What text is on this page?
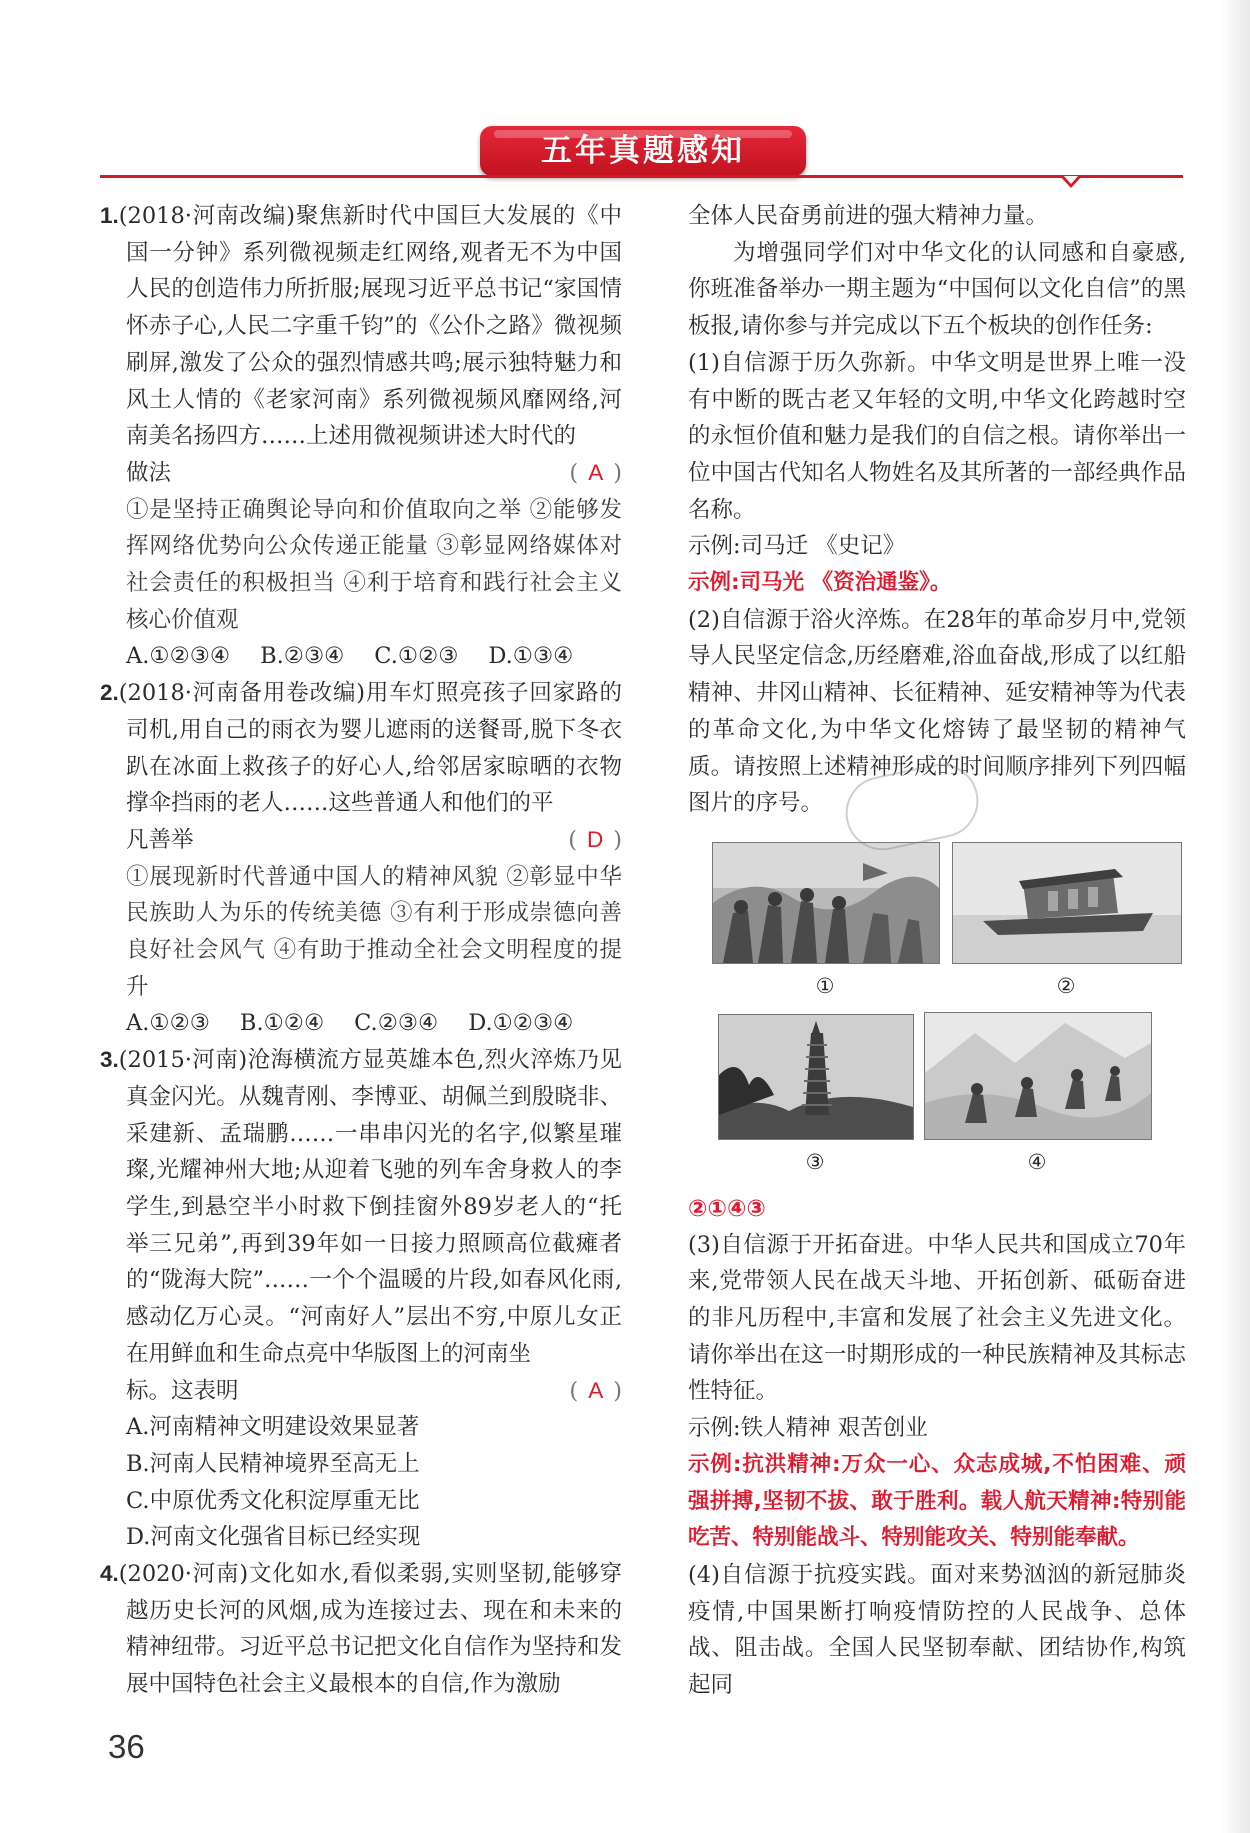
五年真题感知

1.(2018·河南改编)聚焦新时代中国巨大发展的《中国一分钟》系列微视频走红网络,观者无不为中国人民的创造伟力所折服;展现习近平总书记“家国情怀赤子心,人民二字重千钧”的《公仆之路》微视频刷屏,激发了公众的强烈情感共鸣;展示独特魅力和风土人情的《老家河南》系列微视频风靡网络,河南美名扬四方……上述用微视频讲述大时代的

做法	( A )

①是坚持正确舆论导向和价值取向之举 ②能够发挥网络优势向公众传递正能量 ③彰显网络媒体对社会责任的积极担当 ④利于培育和践行社会主义核心价值观

A.①②③④ B.②③④ C.①②③ D.①③④

2.(2018·河南备用卷改编)用车灯照亮孩子回家路的司机,用自己的雨衣为婴儿遮雨的送餐哥,脱下冬衣趴在冰面上救孩子的好心人,给邻居家晾晒的衣物撑伞挡雨的老人……这些普通人和他们的平

凡善举	( D )

①展现新时代普通中国人的精神风貌 ②彰显中华民族助人为乐的传统美德 ③有利于形成崇德向善良好社会风气 ④有助于推动全社会文明程度的提升

A.①②③ B.①②④ C.②③④ D.①②③④

3.(2015·河南)沧海横流方显英雄本色,烈火淬炼乃见真金闪光。从魏青刚、李博亚、胡佩兰到殷晓非、采建新、孟瑞鹏……一串串闪光的名字,似繁星璀璨,光耀神州大地;从迎着飞驰的列车舍身救人的李学生,到悬空半小时救下倒挂窗外89岁老人的“托举三兄弟”,再到39年如一日接力照顾高位截瘫者的“陇海大院”……一个个温暖的片段,如春风化雨,感动亿万心灵。“河南好人”层出不穷,中原儿女正在用鲜血和生命点亮中华版图上的河南坐

标。这表明	( A )

A.河南精神文明建设效果显著

B.河南人民精神境界至高无上

C.中原优秀文化积淀厚重无比

D.河南文化强省目标已经实现

4.(2020·河南)文化如水,看似柔弱,实则坚韧,能够穿越历史长河的风烟,成为连接过去、现在和未来的精神纽带。习近平总书记把文化自信作为坚持和发展中国特色社会主义最根本的自信,作为激励

全体人民奋勇前进的强大精神力量。

为增强同学们对中华文化的认同感和自豪感,你班准备举办一期主题为“中国何以文化自信”的黑板报,请你参与并完成以下五个板块的创作任务:

(1)自信源于历久弥新。中华文明是世界上唯一没有中断的既古老又年轻的文明,中华文化跨越时空的永恒价值和魅力是我们的自信之根。请你举出一位中国古代知名人物姓名及其所著的一部经典作品名称。

示例:司马迁 《史记》

示例:司马光 《资治通鉴》。

(2)自信源于浴火淬炼。在28年的革命岁月中,党领导人民坚定信念,历经磨难,浴血奋战,形成了以红船精神、井冈山精神、长征精神、延安精神等为代表的革命文化,为中华文化熔铸了最坚韧的精神气质。请按照上述精神形成的时间顺序排列下列四幅图片的序号。

①	②
③	④

②①④③

(3)自信源于开拓奋进。中华人民共和国成立70年来,党带领人民在战天斗地、开拓创新、砥砺奋进的非凡历程中,丰富和发展了社会主义先进文化。请你举出在这一时期形成的一种民族精神及其标志性特征。

示例:铁人精神 艰苦创业

示例:抗洪精神:万众一心、众志成城,不怕困难、顽强拼搏,坚韧不拔、敢于胜利。载人航天精神:特别能吃苦、特别能战斗、特别能攻关、特别能奉献。

(4)自信源于抗疫实践。面对来势汹汹的新冠肺炎疫情,中国果断打响疫情防控的人民战争、总体战、阻击战。全国人民坚韧奉献、团结协作,构筑起同

36
